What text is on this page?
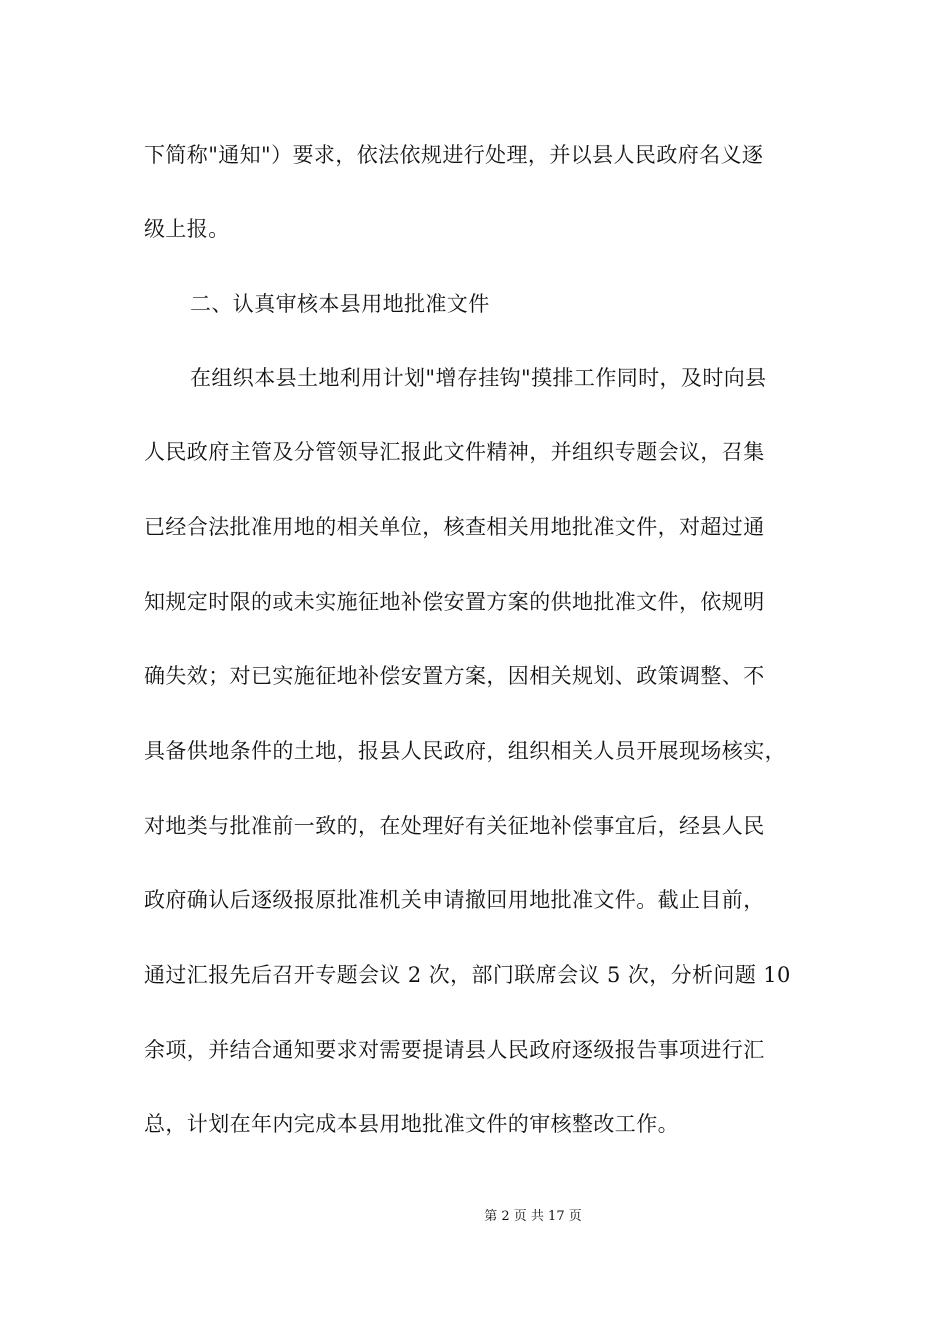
下简称"通知"）要求，依法依规进行处理，并以县人民政府名义逐
级上报。
二、认真审核本县用地批准文件
在组织本县土地利用计划"增存挂钩"摸排工作同时，及时向县
人民政府主管及分管领导汇报此文件精神，并组织专题会议，召集
已经合法批准用地的相关单位，核查相关用地批准文件，对超过通
知规定时限的或未实施征地补偿安置方案的供地批准文件，依规明
确失效；对已实施征地补偿安置方案，因相关规划、政策调整、不
具备供地条件的土地，报县人民政府，组织相关人员开展现场核实，
对地类与批准前一致的，在处理好有关征地补偿事宜后，经县人民
政府确认后逐级报原批准机关申请撤回用地批准文件。截止目前，
通过汇报先后召开专题会议 2 次，部门联席会议 5 次，分析问题 10
余项，并结合通知要求对需要提请县人民政府逐级报告事项进行汇
总，计划在年内完成本县用地批准文件的审核整改工作。
第 2 页 共 17 页
